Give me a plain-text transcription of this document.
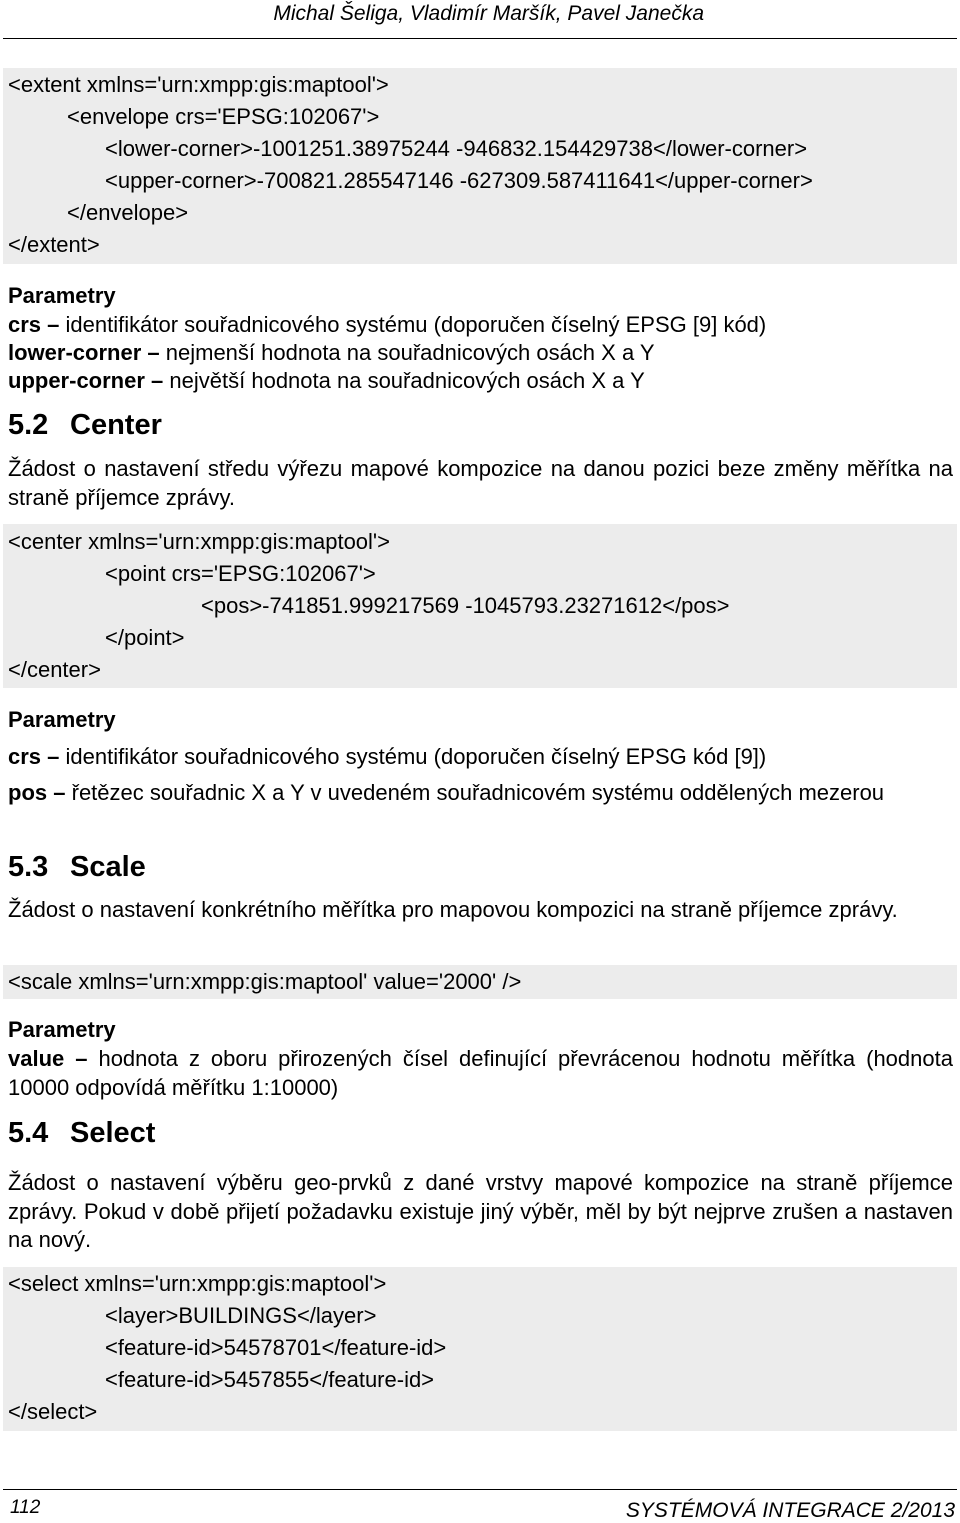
Michal Šeliga, Vladimír Maršík, Pavel Janečka
<extent xmlns='urn:xmpp:gis:maptool'>
<envelope crs='EPSG:102067'>
<lower-corner>-1001251.38975244 -946832.154429738</lower-corner>
<upper-corner>-700821.285547146 -627309.587411641</upper-corner>
</envelope>
</extent>
Parametry
crs – identifikátor souřadnicového systému (doporučen číselný EPSG [9] kód)
lower-corner – nejmenší hodnota na souřadnicových osách X a Y
upper-corner – největší hodnota na souřadnicových osách X a Y
5.2 Center
Žádost o nastavení středu výřezu mapové kompozice na danou pozici beze změny měřítka na straně příjemce zprávy.
<center xmlns='urn:xmpp:gis:maptool'>
<point crs='EPSG:102067'>
<pos>-741851.999217569 -1045793.23271612</pos>
</point>
</center>
Parametry
crs – identifikátor souřadnicového systému (doporučen číselný EPSG kód [9])
pos – řetězec souřadnic X a Y v uvedeném souřadnicovém systému oddělených mezerou
5.3 Scale
Žádost o nastavení konkrétního měřítka pro mapovou kompozici na straně příjemce zprávy.
<scale xmlns='urn:xmpp:gis:maptool' value='2000' />
Parametry
value – hodnota z oboru přirozených čísel definující převrácenou hodnotu měřítka (hodnota 10000 odpovídá měřítku 1:10000)
5.4 Select
Žádost o nastavení výběru geo-prvků z dané vrstvy mapové kompozice na straně příjemce zprávy. Pokud v době přijetí požadavku existuje jiný výběr, měl by být nejprve zrušen a nastaven na nový.
<select xmlns='urn:xmpp:gis:maptool'>
<layer>BUILDINGS</layer>
<feature-id>54578701</feature-id>
<feature-id>5457855</feature-id>
</select>
112	SYSTÉMOVÁ INTEGRACE 2/2013
